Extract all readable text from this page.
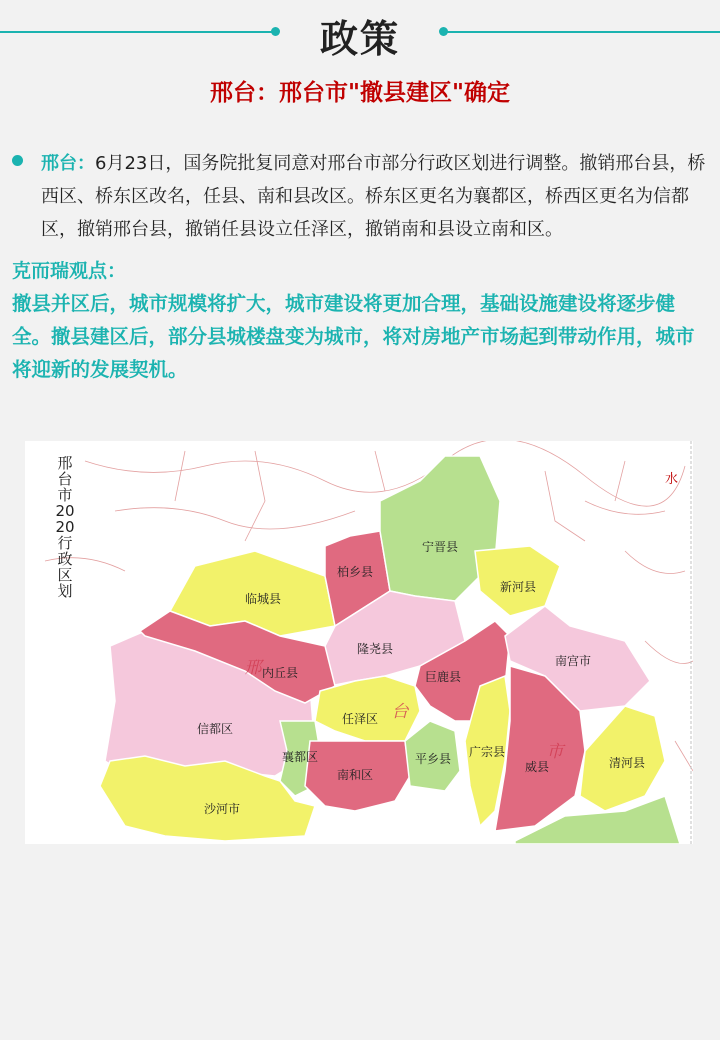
政策
邢台：邢台市"撤县建区"确定
邢台：6月23日，国务院批复同意对邢台市部分行政区划进行调整。撤销邢台县，桥西区、桥东区改名，任县、南和县改区。桥东区更名为襄都区，桥西区更名为信都区，撤销邢台县，撤销任县设立任泽区，撤销南和县设立南和区。
克而瑞观点：
撤县并区后，城市规模将扩大，城市建设将更加合理，基础设施建设将逐步健全。撤县建区后，部分县城楼盘变为城市，将对房地产市场起到带动作用，城市将迎新的发展契机。
宁晋县
柏乡县
新河县
临城县
隆尧县
南宫市
内丘县	巨鹿县
信都区
任泽区
广宗县
襄都区	平乡县
威县	清河县
南和区
沙河市
邢
台
市
水
邢台市2020行政区划
